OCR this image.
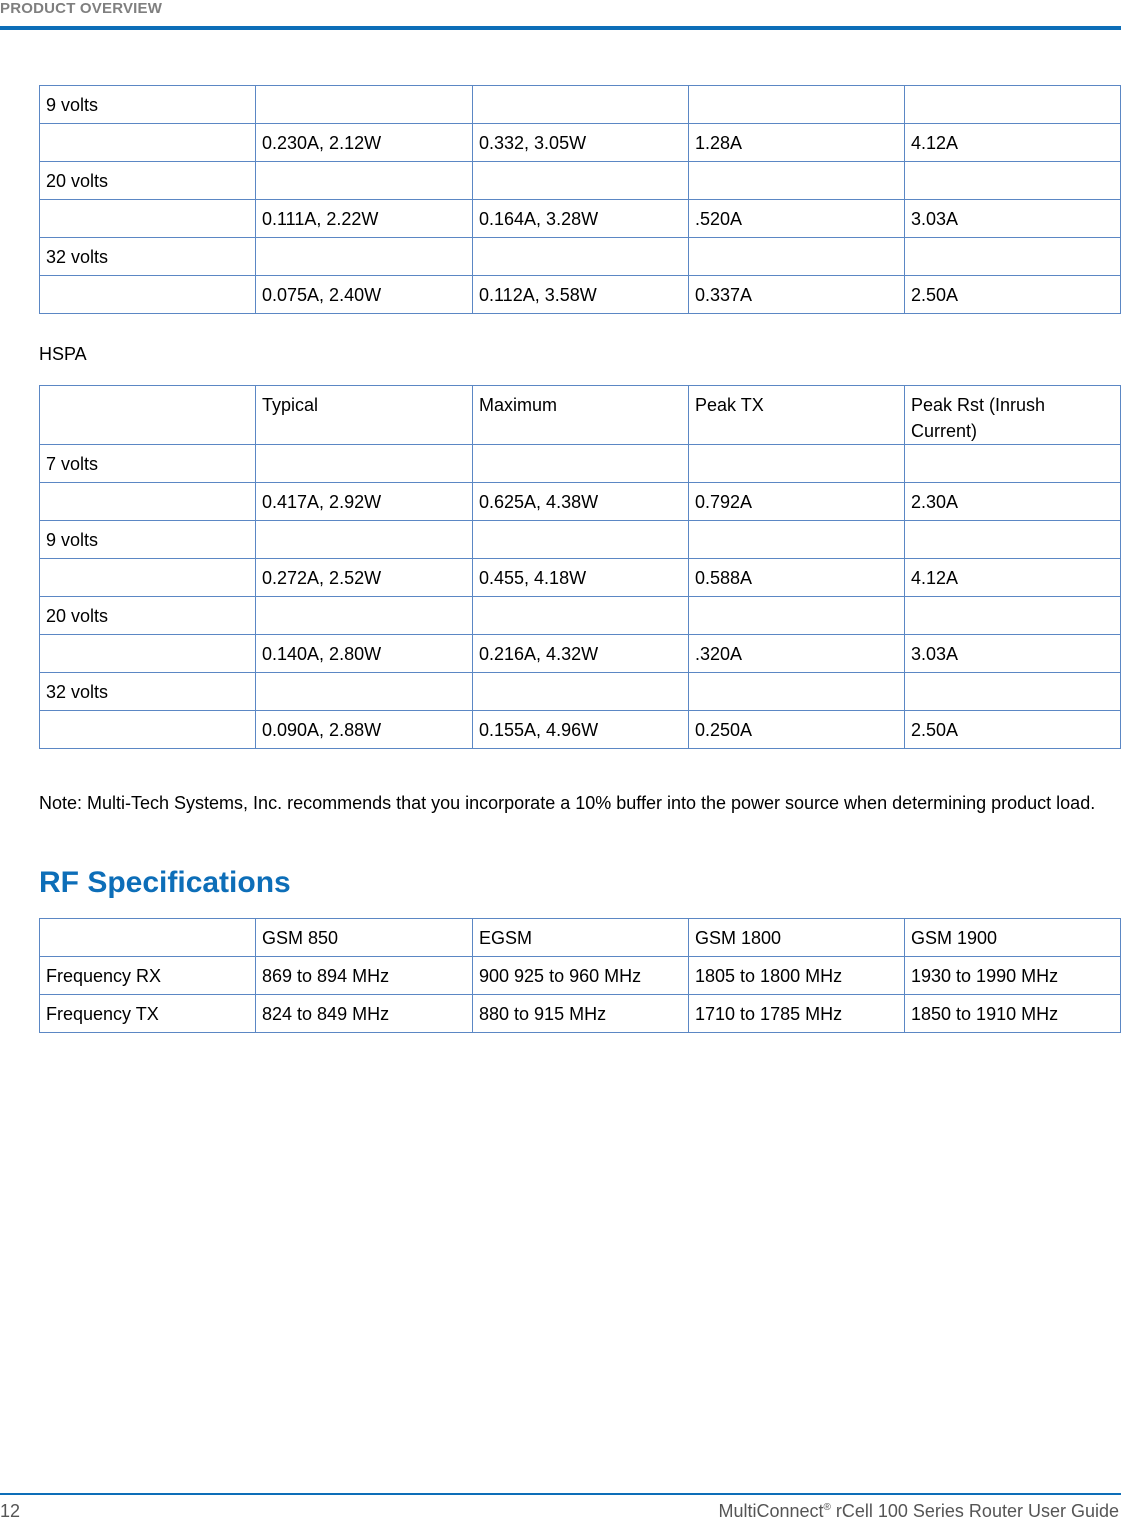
PRODUCT OVERVIEW
9 volts				
	0.230A, 2.12W	0.332, 3.05W	1.28A	4.12A
20 volts				
	0.111A, 2.22W	0.164A, 3.28W	.520A	3.03A
32 volts				
	0.075A, 2.40W	0.112A, 3.58W	0.337A	2.50A
HSPA
	Typical	Maximum	Peak TX	Peak Rst (Inrush Current)
7 volts				
	0.417A, 2.92W	0.625A, 4.38W	0.792A	2.30A
9 volts				
	0.272A, 2.52W	0.455, 4.18W	0.588A	4.12A
20 volts				
	0.140A, 2.80W	0.216A, 4.32W	.320A	3.03A
32 volts				
	0.090A, 2.88W	0.155A, 4.96W	0.250A	2.50A
Note: Multi-Tech Systems, Inc. recommends that you incorporate a 10% buffer into the power source when determining product load.
RF Specifications
	GSM 850	EGSM	GSM 1800	GSM 1900
Frequency RX	869 to 894 MHz	900 925 to 960 MHz	1805 to 1800 MHz	1930 to 1990 MHz
Frequency TX	824 to 849 MHz	880 to 915 MHz	1710 to 1785 MHz	1850 to 1910 MHz
12	MultiConnect® rCell 100 Series Router User Guide
